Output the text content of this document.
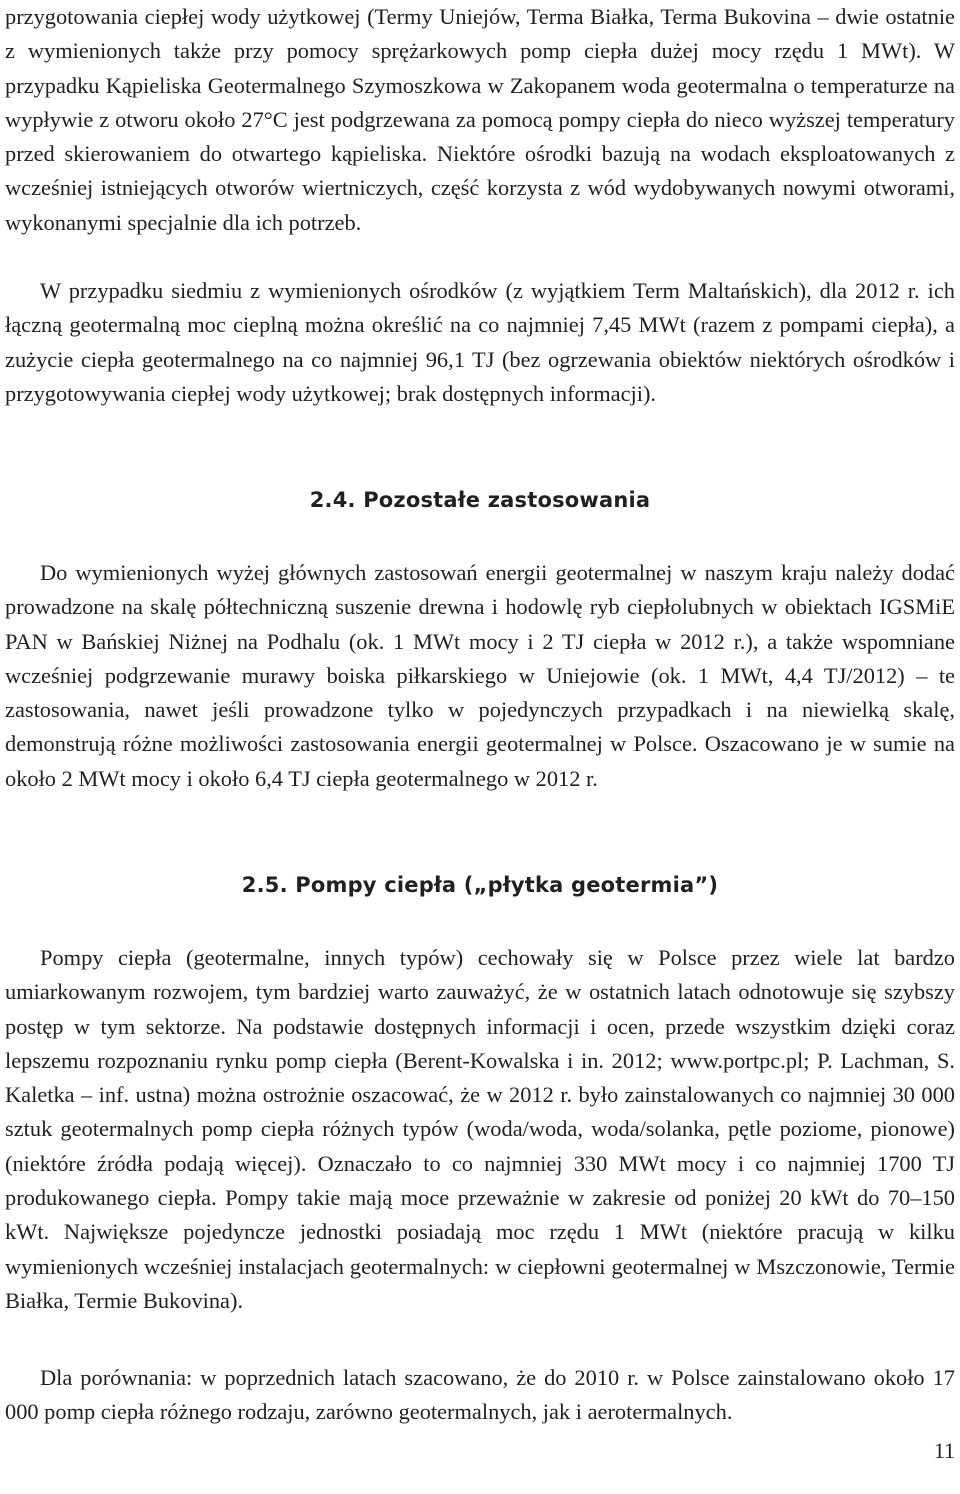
przygotowania ciepłej wody użytkowej (Termy Uniejów, Terma Białka, Terma Bukovina – dwie ostatnie z wymienionych także przy pomocy sprężarkowych pomp ciepła dużej mocy rzędu 1 MWt). W przypadku Kąpieliska Geotermalnego Szymoszkowa w Zakopanem woda geotermalna o temperaturze na wypływie z otworu około 27°C jest podgrzewana za pomocą pompy ciepła do nieco wyższej temperatury przed skierowaniem do otwartego kąpieliska. Niektóre ośrodki bazują na wodach eksploatowanych z wcześniej istniejących otworów wiertniczych, część korzysta z wód wydobywanych nowymi otworami, wykonanymi specjalnie dla ich potrzeb.

W przypadku siedmiu z wymienionych ośrodków (z wyjątkiem Term Maltańskich), dla 2012 r. ich łączną geotermalną moc cieplną można określić na co najmniej 7,45 MWt (razem z pompami ciepła), a zużycie ciepła geotermalnego na co najmniej 96,1 TJ (bez ogrzewania obiektów niektórych ośrodków i przygotowywania ciepłej wody użytkowej; brak dostępnych informacji).

2.4. Pozostałe zastosowania

Do wymienionych wyżej głównych zastosowań energii geotermalnej w naszym kraju należy dodać prowadzone na skalę półtechniczną suszenie drewna i hodowlę ryb ciepłolubnych w obiektach IGSMiE PAN w Bańskiej Niżnej na Podhalu (ok. 1 MWt mocy i 2 TJ ciepła w 2012 r.), a także wspomniane wcześniej podgrzewanie murawy boiska piłkarskiego w Uniejowie (ok. 1 MWt, 4,4 TJ/2012) – te zastosowania, nawet jeśli prowadzone tylko w pojedynczych przypadkach i na niewielką skalę, demonstrują różne możliwości zastosowania energii geotermalnej w Polsce. Oszacowano je w sumie na około 2 MWt mocy i około 6,4 TJ ciepła geotermalnego w 2012 r.

2.5. Pompy ciepła („płytka geotermia”)

Pompy ciepła (geotermalne, innych typów) cechowały się w Polsce przez wiele lat bardzo umiarkowanym rozwojem, tym bardziej warto zauważyć, że w ostatnich latach odnotowuje się szybszy postęp w tym sektorze. Na podstawie dostępnych informacji i ocen, przede wszystkim dzięki coraz lepszemu rozpoznaniu rynku pomp ciepła (Berent-Kowalska i in. 2012; www.portpc.pl; P. Lachman, S. Kaletka – inf. ustna) można ostrożnie oszacować, że w 2012 r. było zainstalowanych co najmniej 30 000 sztuk geotermalnych pomp ciepła różnych typów (woda/woda, woda/solanka, pętle poziome, pionowe) (niektóre źródła podają więcej). Oznaczało to co najmniej 330 MWt mocy i co najmniej 1700 TJ produkowanego ciepła. Pompy takie mają moce przeważnie w zakresie od poniżej 20 kWt do 70–150 kWt. Największe pojedyncze jednostki posiadają moc rzędu 1 MWt (niektóre pracują w kilku wymienionych wcześniej instalacjach geotermalnych: w ciepłowni geotermalnej w Mszczonowie, Termie Białka, Termie Bukovina).

Dla porównania: w poprzednich latach szacowano, że do 2010 r. w Polsce zainstalowano około 17 000 pomp ciepła różnego rodzaju, zarówno geotermalnych, jak i aerotermalnych.

11
